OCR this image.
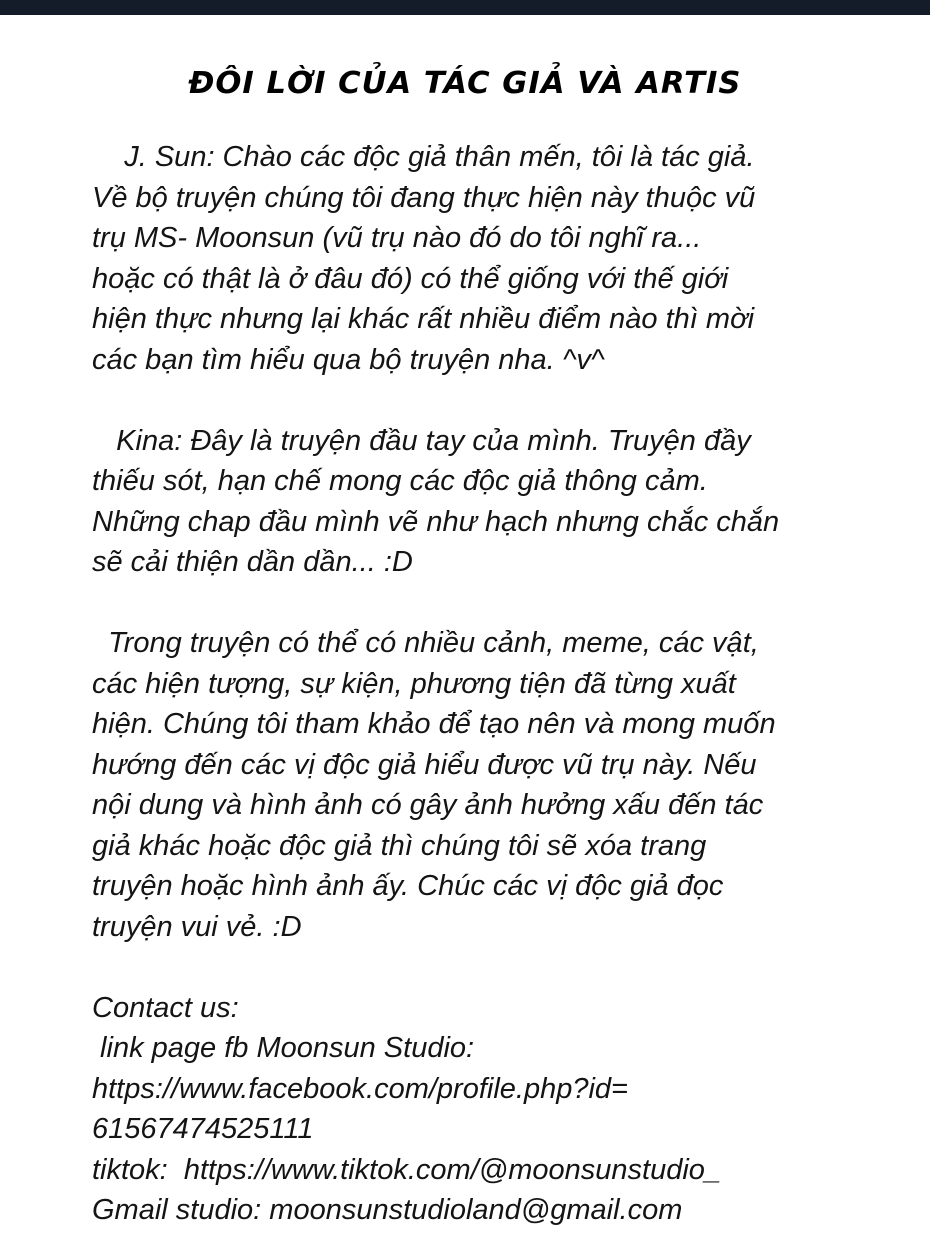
ĐÔI LỜI CỦA TÁC GIẢ VÀ ARTIS
J. Sun: Chào các độc giả thân mến, tôi là tác giả.
Về bộ truyện chúng tôi đang thực hiện này thuộc vũ
trụ MS- Moonsun (vũ trụ nào đó do tôi nghĩ ra...
hoặc có thật là ở đâu đó) có thể giống với thế giới
hiện thực nhưng lại khác rất nhiều điểm nào thì mời
các bạn tìm hiểu qua bộ truyện nha. ^v^
Kina: Đây là truyện đầu tay của mình. Truyện đầy
thiếu sót, hạn chế mong các độc giả thông cảm.
Những chap đầu mình vẽ như hạch nhưng chắc chắn
sẽ cải thiện dần dần... :D
Trong truyện có thể có nhiều cảnh, meme, các vật,
các hiện tượng, sự kiện, phương tiện đã từng xuất
hiện. Chúng tôi tham khảo để tạo nên và mong muốn
hướng đến các vị độc giả hiểu được vũ trụ này. Nếu
nội dung và hình ảnh có gây ảnh hưởng xấu đến tác
giả khác hoặc độc giả thì chúng tôi sẽ xóa trang
truyện hoặc hình ảnh ấy. Chúc các vị độc giả đọc
truyện vui vẻ. :D
Contact us:
link page fb Moonsun Studio:
https://www.facebook.com/profile.php?id=
61567474525111
tiktok:  https://www.tiktok.com/@moonsunstudio_
Gmail studio: moonsunstudioland@gmail.com
